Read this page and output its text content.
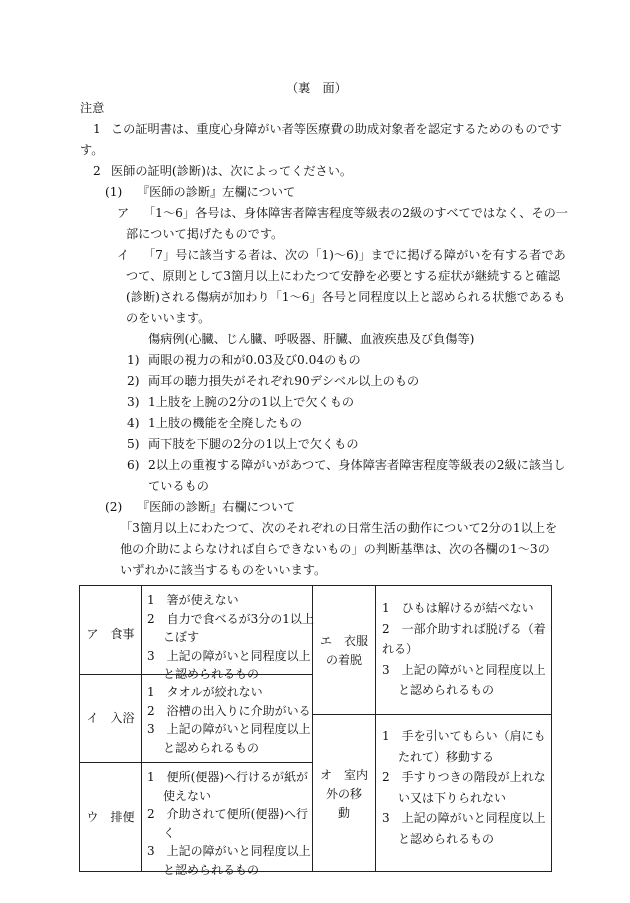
（裏　面）
注意
1 この証明書は、重度心身障がい者等医療費の助成対象者を認定するためのものです
す。
2 医師の証明(診断)は、次によってください。
(1) 『医師の診断』左欄について
ア 「1～6」各号は、身体障害者障害程度等級表の2級のすべてではなく、その一
部について掲げたものです。
イ 「7」号に該当する者は、次の「1)～6)」までに掲げる障がいを有する者であ
つて、原則として3箇月以上にわたつて安静を必要とする症状が継続すると確認
(診断)される傷病が加わり「1～6」各号と同程度以上と認められる状態であるも
のをいいます。
傷病例(心臓、じん臓、呼吸器、肝臓、血液疾患及び負傷等)
1) 両眼の視力の和が0.03及び0.04のもの
2) 両耳の聴力損失がそれぞれ90デシベル以上のもの
3) 1上肢を上腕の2分の1以上で欠くもの
4) 1上肢の機能を全廃したもの
5) 両下肢を下腿の2分の1以上で欠くもの
6) 2以上の重複する障がいがあつて、身体障害者障害程度等級表の2級に該当し
ているもの
(2) 『医師の診断』右欄について
「3箇月以上にわたつて、次のそれぞれの日常生活の動作について2分の1以上を
他の介助によらなければ自らできないもの」の判断基準は、次の各欄の1～3の
いずれかに該当するものをいいます。
ア　食事
1　 箸が使えない
2　 自力で食べるが3分の1以上
こぼす
3　 上記の障がいと同程度以上
と認められるもの
イ　入浴
1　 タオルが絞れない
2　 浴槽の出入りに介助がいる
3　 上記の障がいと同程度以上
と認められるもの
ウ　排便
1　 便所(便器)へ行けるが紙が
使えない
2　 介助されて便所(便器)へ行
く
3　 上記の障がいと同程度以上
と認められるもの
エ　衣服
の着脱
1　 ひもは解けるが結べない
2　 一部介助すれば脱げる（着
れる）
3　 上記の障がいと同程度以上
と認められるもの
オ　室内
外の移
動
1　 手を引いてもらい（肩にも
たれて）移動する
2　 手すりつきの階段が上れな
い又は下りられない
3　 上記の障がいと同程度以上
と認められるもの
